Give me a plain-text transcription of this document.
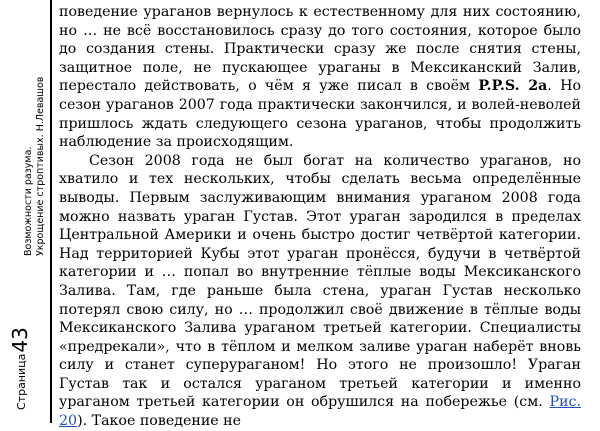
Страница43
Возможности разума. Укрощение строптивых. Н.Левашов

поведение ураганов вернулось к естественному для них состоянию, но … не всё восстановилось сразу до того состояния, которое было до создания стены. Практически сразу же после снятия стены, защитное поле, не пускающее ураганы в Мексиканский Залив, перестало действовать, о чём я уже писал в своём P.P.S. 2a. Но сезон ураганов 2007 года практически закончился, и волей-неволей пришлось ждать следующего сезона ураганов, чтобы продолжить наблюдение за происходящим.

Сезон 2008 года не был богат на количество ураганов, но хватило и тех нескольких, чтобы сделать весьма определённые выводы. Первым заслуживающим внимания ураганом 2008 года можно назвать ураган Густав. Этот ураган зародился в пределах Центральной Америки и очень быстро достиг четвёртой категории. Над территорией Кубы этот ураган пронёсся, будучи в четвёртой категории и … попал во внутренние тёплые воды Мексиканского Залива. Там, где раньше была стена, ураган Густав несколько потерял свою силу, но … продолжил своё движение в тёплые воды Мексиканского Залива ураганом третьей категории. Специалисты «предрекали», что в тёплом и мелком заливе ураган наберёт вновь силу и станет суперураганом! Но этого не произошло! Ураган Густав так и остался ураганом третьей категории и именно ураганом третьей категории он обрушился на побережье (см. Рис. 20). Такое поведение не
